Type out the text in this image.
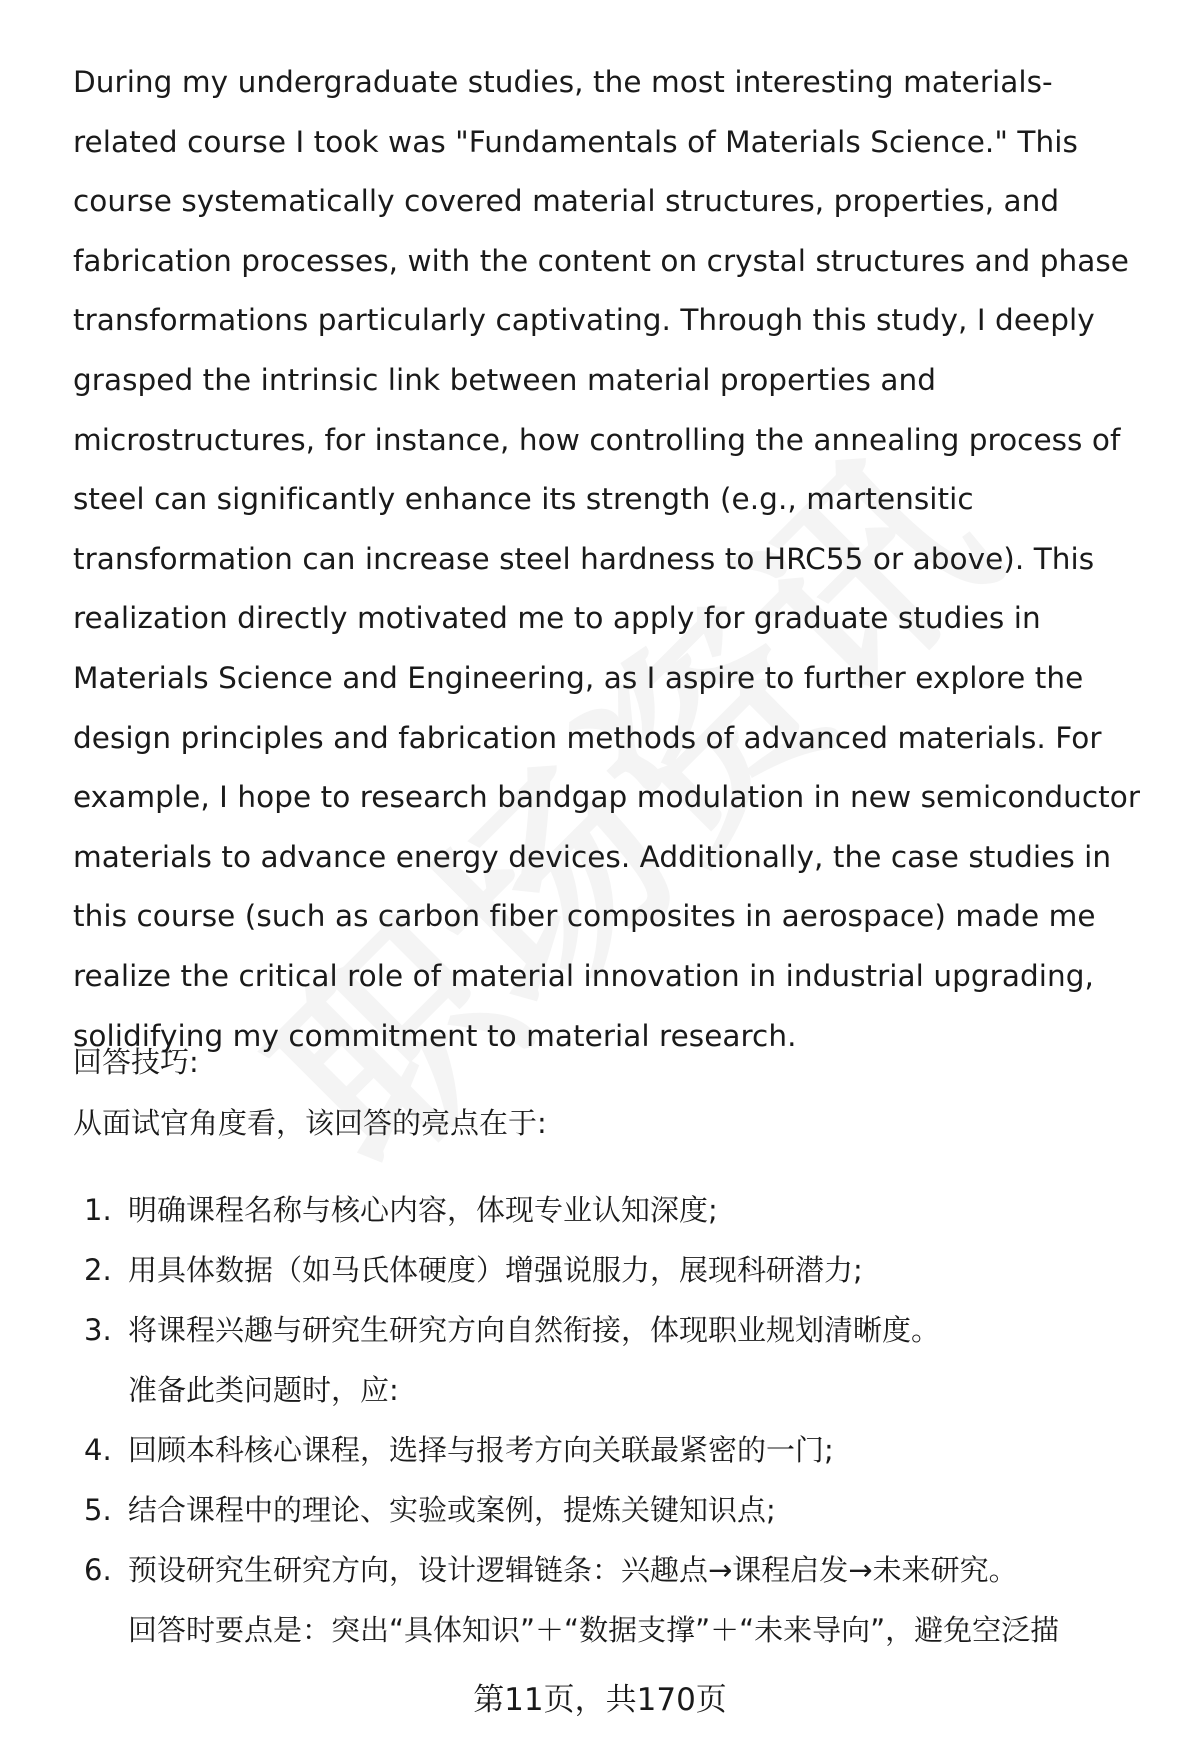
During my undergraduate studies, the most interesting materials-related course I took was "Fundamentals of Materials Science." This course systematically covered material structures, properties, and fabrication processes, with the content on crystal structures and phase transformations particularly captivating. Through this study, I deeply grasped the intrinsic link between material properties and microstructures, for instance, how controlling the annealing process of steel can significantly enhance its strength (e.g., martensitic transformation can increase steel hardness to HRC55 or above). This realization directly motivated me to apply for graduate studies in Materials Science and Engineering, as I aspire to further explore the design principles and fabrication methods of advanced materials. For example, I hope to research bandgap modulation in new semiconductor materials to advance energy devices. Additionally, the case studies in this course (such as carbon fiber composites in aerospace) made me realize the critical role of material innovation in industrial upgrading, solidifying my commitment to material research.

回答技巧:

从面试官角度看，该回答的亮点在于:

1. 明确课程名称与核心内容，体现专业认知深度;
2. 用具体数据（如马氏体硬度）增强说服力，展现科研潜力;
3. 将课程兴趣与研究生研究方向自然衔接，体现职业规划清晰度。
准备此类问题时，应:
4. 回顾本科核心课程，选择与报考方向关联最紧密的一门;
5. 结合课程中的理论、实验或案例，提炼关键知识点;
6. 预设研究生研究方向，设计逻辑链条：兴趣点→课程启发→未来研究。
回答时要点是：突出“具体知识”＋“数据支撑”＋“未来导向”，避免空泛描
第11页，共170页
